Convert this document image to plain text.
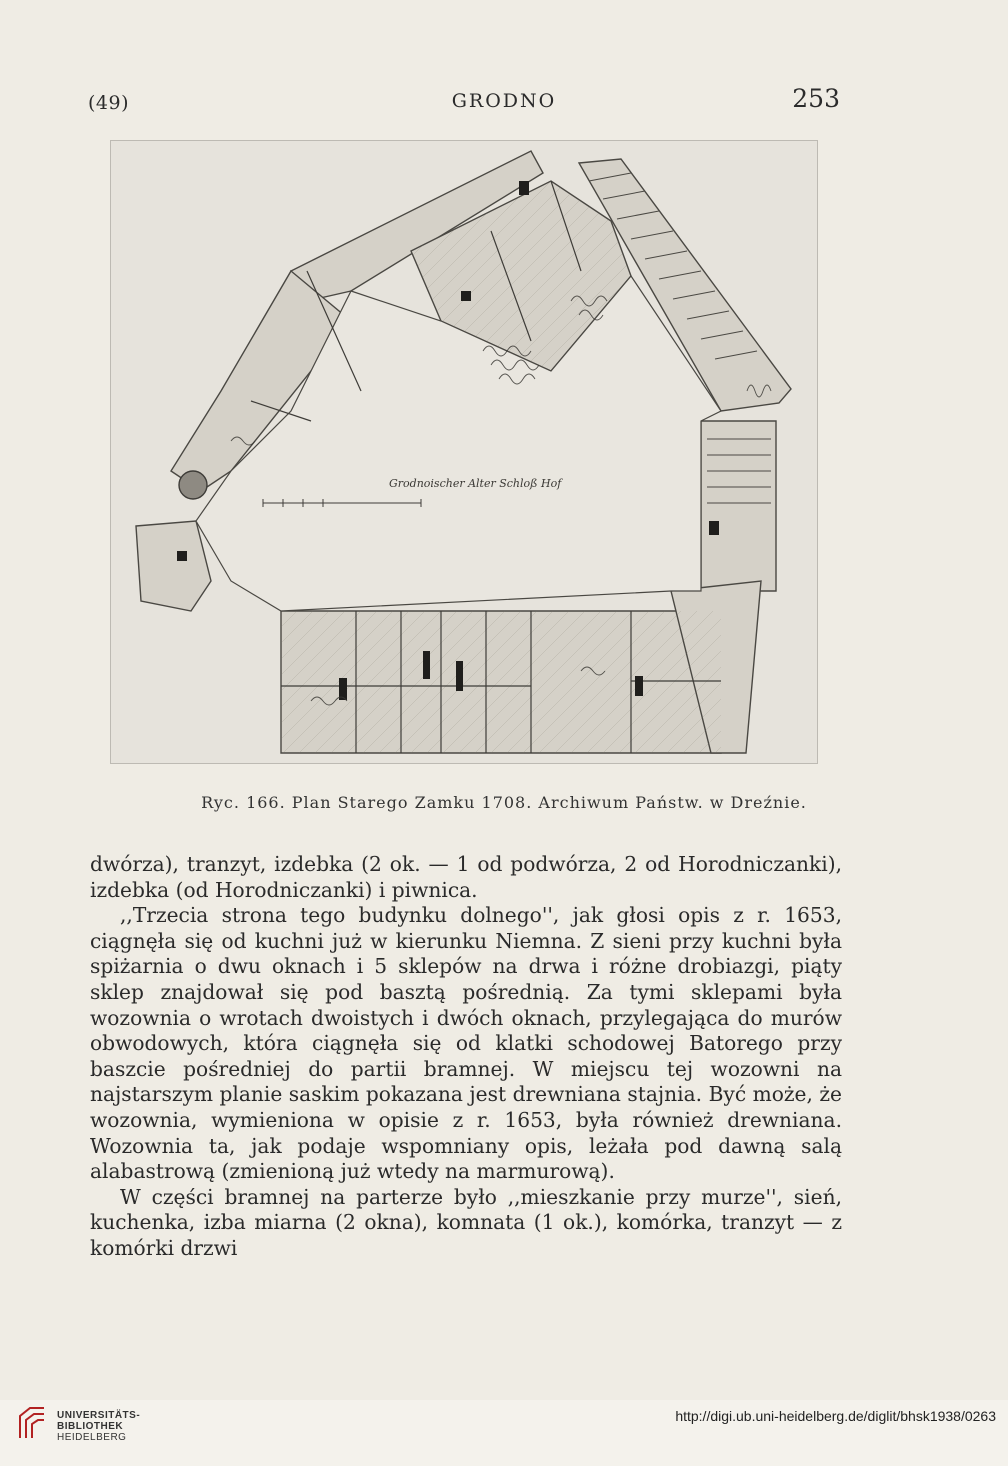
(49)	GRODNO	253
Grodnoischer Alter Schloß Hof
Ryc. 166. Plan Starego Zamku 1708. Archiwum Państw. w Dreźnie.

dwórza), tranzyt, izdebka (2 ok. — 1 od podwórza, 2 od Horodniczanki), izdebka (od Horodniczanki) i piwnica.

,,Trzecia strona tego budynku dolnego'', jak głosi opis z r. 1653, ciągnęła się od kuchni już w kierunku Niemna. Z sieni przy kuchni była spiżarnia o dwu oknach i 5 sklepów na drwa i różne drobiazgi, piąty sklep znajdował się pod basztą pośrednią. Za tymi sklepami była wozownia o wrotach dwoistych i dwóch oknach, przylegająca do murów obwodowych, która ciągnęła się od klatki schodowej Batorego przy baszcie pośredniej do partii bramnej. W miejscu tej wozowni na najstarszym planie saskim pokazana jest drewniana stajnia. Być może, że wozownia, wymieniona w opisie z r. 1653, była również drewniana. Wozownia ta, jak podaje wspomniany opis, leżała pod dawną salą alabastrową (zmienioną już wtedy na marmurową).

W części bramnej na parterze było ,,mieszkanie przy murze'', sień, kuchenka, izba miarna (2 okna), komnata (1 ok.), komórka, tranzyt — z komórki drzwi

UNIVERSITÄTS-
BIBLIOTHEK
HEIDELBERG
http://digi.ub.uni-heidelberg.de/diglit/bhsk1938/0263
